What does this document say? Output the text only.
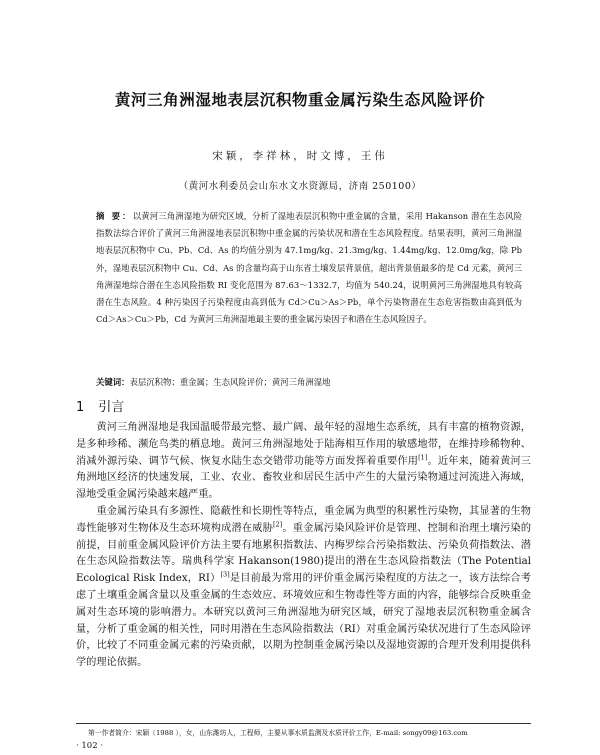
黄河三角洲湿地表层沉积物重金属污染生态风险评价
宋颖，李祥林，时文博，王伟
（黄河水利委员会山东水文水资源局，济南 250100）
摘 要：以黄河三角洲湿地为研究区域，分析了湿地表层沉积物中重金属的含量，采用 Hakanson 潜在生态风险指数法综合评价了黄河三角洲湿地表层沉积物中重金属的污染状况和潜在生态风险程度。结果表明，黄河三角洲湿地表层沉积物中 Cu、Pb、Cd、As 的均值分别为 47.1mg/kg、21.3mg/kg、1.44mg/kg、12.0mg/kg，除 Pb 外，湿地表层沉积物中 Cu、Cd、As 的含量均高于山东省土壤发层背景值，超出背景值最多的是 Cd 元素，黄河三角洲湿地综合潜在生态风险指数 RI 变化范围为 87.63～1332.7，均值为 540.24，说明黄河三角洲湿地具有较高潜在生态风险。4 种污染因子污染程度由高到低为 Cd＞Cu＞As＞Pb，单个污染物潜在生态危害指数由高到低为 Cd＞As＞Cu＞Pb，Cd 为黄河三角洲湿地最主要的重金属污染因子和潜在生态风险因子。
关键词：表层沉积物；重金属；生态风险评价；黄河三角洲湿地
1 引言

黄河三角洲湿地是我国温暖带最完整、最广阔、最年轻的湿地生态系统，具有丰富的植物资源，是多种珍稀、濒危鸟类的栖息地。黄河三角洲湿地处于陆海相互作用的敏感地带，在维持珍稀物种、消减外源污染、调节气候、恢复水陆生态交错带功能等方面发挥着重要作用[1]。近年来，随着黄河三角洲地区经济的快速发展，工业、农业、畜牧业和居民生活中产生的大量污染物通过河流进入海域，湿地受重金属污染越来越严重。

重金属污染具有多源性、隐蔽性和长期性等特点，重金属为典型的积累性污染物，其显著的生物毒性能够对生物体及生态环境构成潜在威胁[2]。重金属污染风险评价是管理、控制和治理土壤污染的前提，目前重金属风险评价方法主要有地累积指数法、内梅罗综合污染指数法、污染负荷指数法、潜在生态风险指数法等。瑞典科学家 Hakanson(1980)提出的潜在生态风险指数法（The Potential Ecological Risk Index，RI）[3]是目前最为常用的评价重金属污染程度的方法之一，该方法综合考虑了土壤重金属含量以及重金属的生态效应、环境效应和生物毒性等方面的内容，能够综合反映重金属对生态环境的影响潜力。本研究以黄河三角洲湿地为研究区域，研究了湿地表层沉积物重金属含量，分析了重金属的相关性，同时用潜在生态风险指数法（RI）对重金属污染状况进行了生态风险评价，比较了不同重金属元素的污染贡献，以期为控制重金属污染以及湿地资源的合理开发利用提供科学的理论依据。

第一作者简介：宋颖（1988 ），女，山东潍坊人，工程师，主要从事水质监测及水质评价工作，E-mail: songy09@163.com
· 102 ·
